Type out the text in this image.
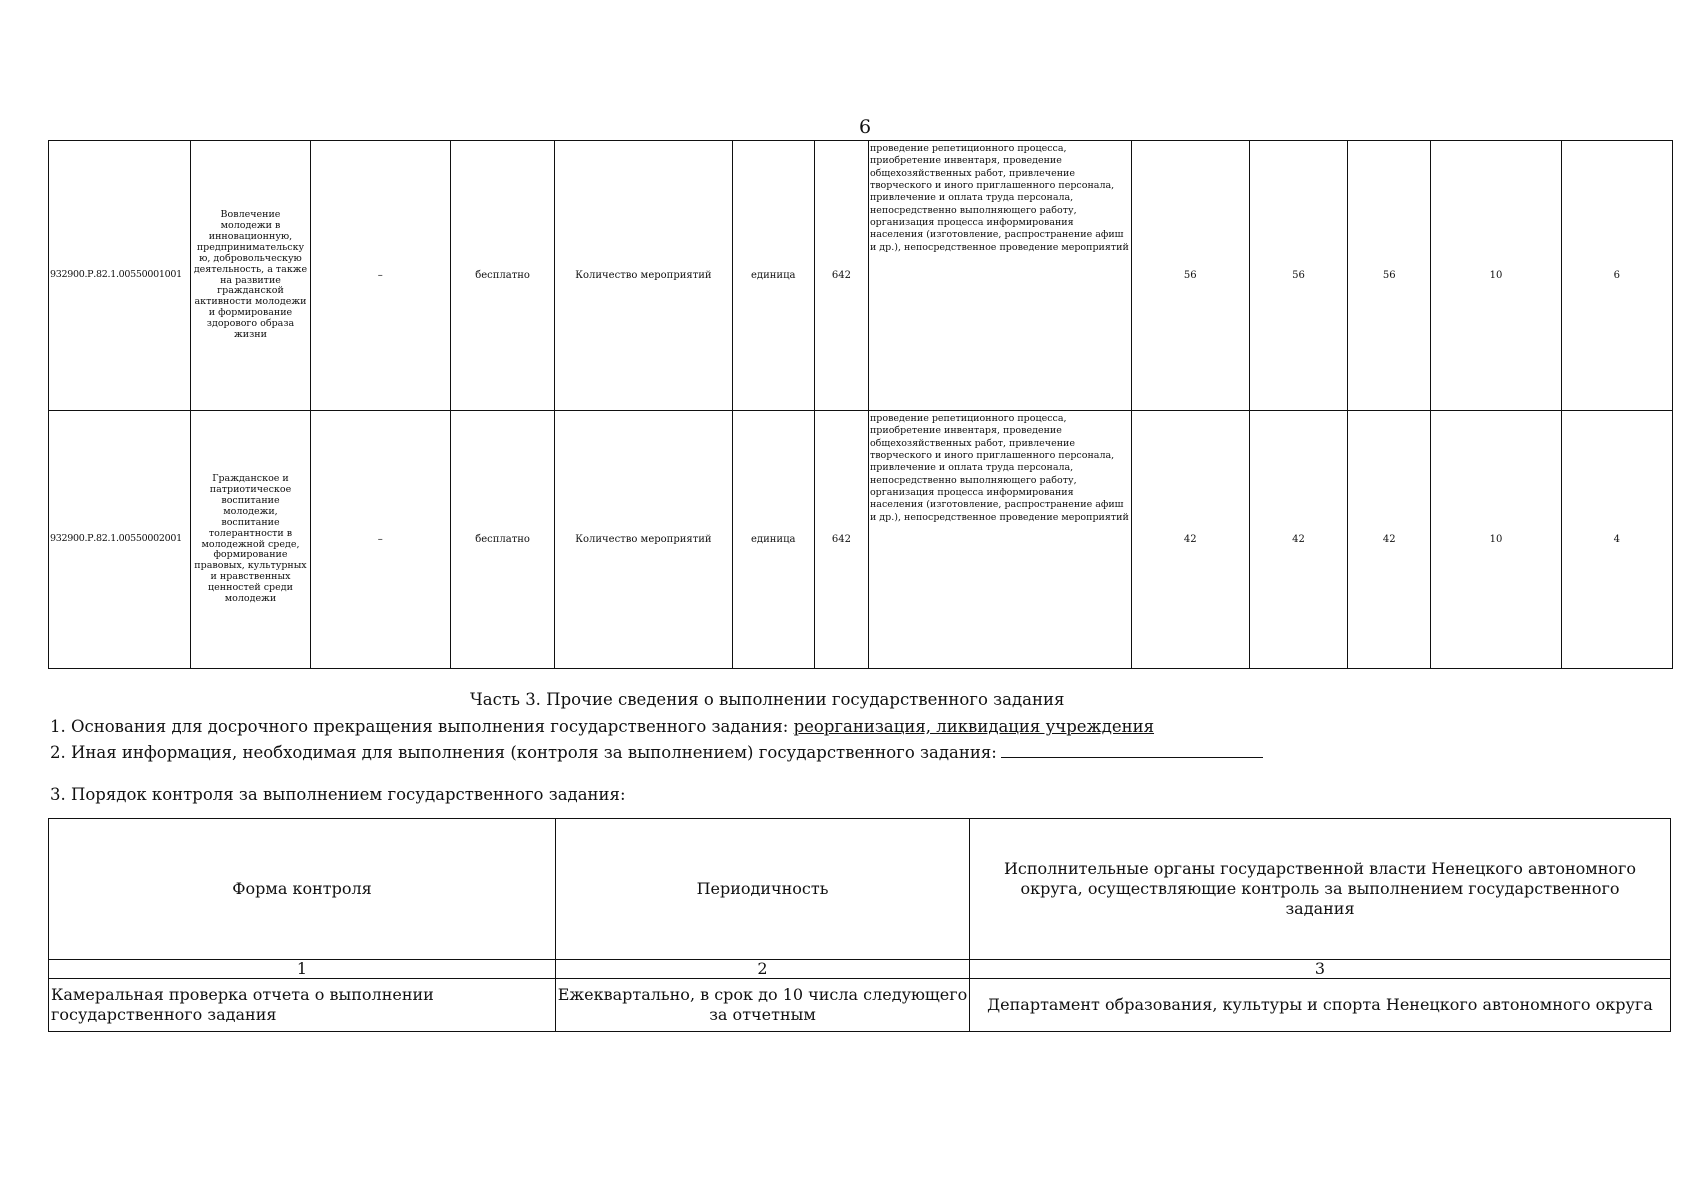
6
932900.Р.82.1.00550001001	Вовлечение молодежи в инновационную, предпринимательску ю, добровольческую деятельность, а также на развитие гражданской активности молодежи и формирование здорового образа жизни	–	бесплатно	Количество мероприятий	единица	642	проведение репетиционного процесса, приобретение инвентаря, проведение общехозяйственных работ, привлечение творческого и иного приглашенного персонала, привлечение и оплата труда персонала, непосредственно выполняющего работу, организация процесса информирования населения (изготовление, распространение афиш и др.), непосредственное проведение мероприятий	56	56	56	10	6
932900.Р.82.1.00550002001	Гражданское и патриотическое воспитание молодежи, воспитание толерантности в молодежной среде, формирование правовых, культурных и нравственных ценностей среди молодежи	–	бесплатно	Количество мероприятий	единица	642	проведение репетиционного процесса, приобретение инвентаря, проведение общехозяйственных работ, привлечение творческого и иного приглашенного персонала, привлечение и оплата труда персонала, непосредственно выполняющего работу, организация процесса информирования населения (изготовление, распространение афиш и др.), непосредственное проведение мероприятий	42	42	42	10	4
Часть 3. Прочие сведения о выполнении государственного задания
1. Основания для досрочного прекращения выполнения государственного задания: реорганизация, ликвидация учреждения
2. Иная информация, необходимая для выполнения (контроля за выполнением) государственного задания:
3. Порядок контроля за выполнением государственного задания:
Форма контроля	Периодичность	Исполнительные органы государственной власти Ненецкого автономного округа, осуществляющие контроль за выполнением государственного задания
1	2	3
Камеральная проверка отчета о выполнении государственного задания	Ежеквартально, в срок до 10 числа следующего за отчетным	Департамент образования, культуры и спорта Ненецкого автономного округа
